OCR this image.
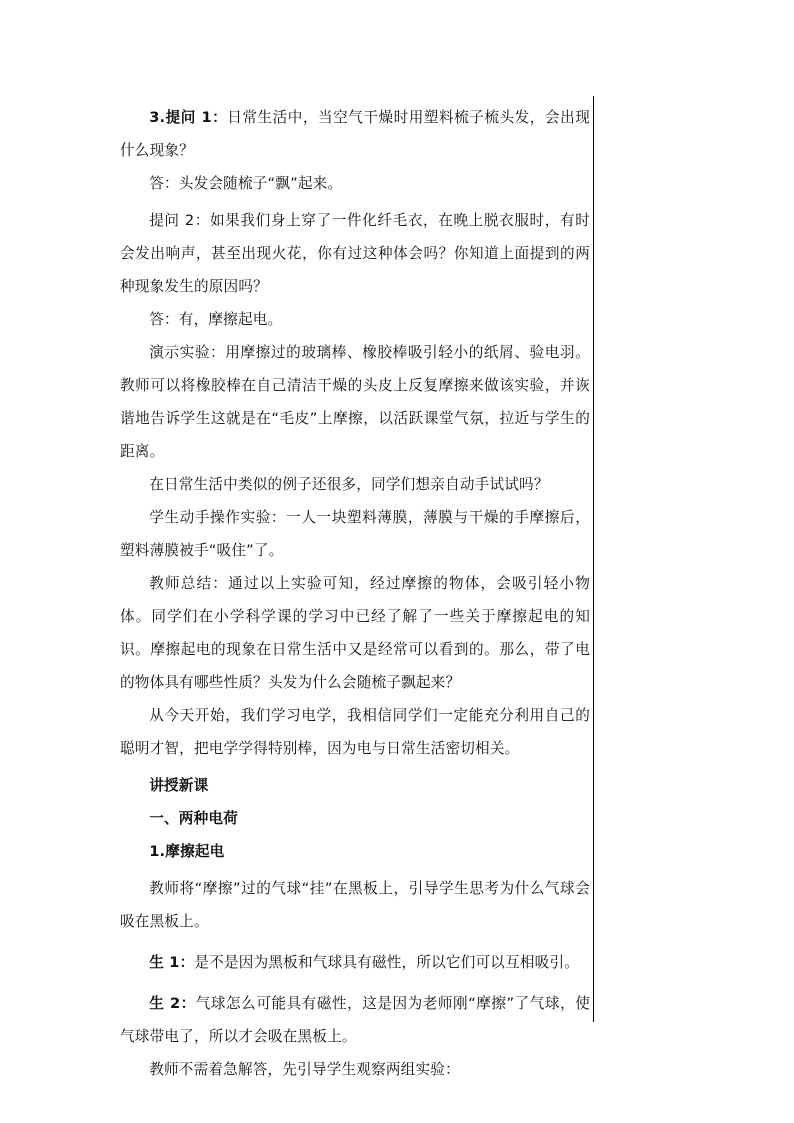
3.提问 1：日常生活中，当空气干燥时用塑料梳子梳头发，会出现什么现象？

答：头发会随梳子“飘”起来。

提问 2：如果我们身上穿了一件化纤毛衣，在晚上脱衣服时，有时会发出响声，甚至出现火花，你有过这种体会吗？你知道上面提到的两种现象发生的原因吗？

答：有，摩擦起电。

演示实验：用摩擦过的玻璃棒、橡胶棒吸引轻小的纸屑、验电羽。教师可以将橡胶棒在自己清洁干燥的头皮上反复摩擦来做该实验，并诙谐地告诉学生这就是在“毛皮”上摩擦，以活跃课堂气氛，拉近与学生的距离。

在日常生活中类似的例子还很多，同学们想亲自动手试试吗？

学生动手操作实验：一人一块塑料薄膜，薄膜与干燥的手摩擦后，塑料薄膜被手“吸住”了。

教师总结：通过以上实验可知，经过摩擦的物体，会吸引轻小物体。同学们在小学科学课的学习中已经了解了一些关于摩擦起电的知识。摩擦起电的现象在日常生活中又是经常可以看到的。那么，带了电的物体具有哪些性质？头发为什么会随梳子飘起来？

从今天开始，我们学习电学，我相信同学们一定能充分利用自己的聪明才智，把电学学得特别棒，因为电与日常生活密切相关。

讲授新课

一、两种电荷

1.摩擦起电

教师将“摩擦”过的气球“挂”在黑板上，引导学生思考为什么气球会吸在黑板上。

生 1：是不是因为黑板和气球具有磁性，所以它们可以互相吸引。

生 2：气球怎么可能具有磁性，这是因为老师刚“摩擦”了气球，使气球带电了，所以才会吸在黑板上。

教师不需着急解答，先引导学生观察两组实验：
